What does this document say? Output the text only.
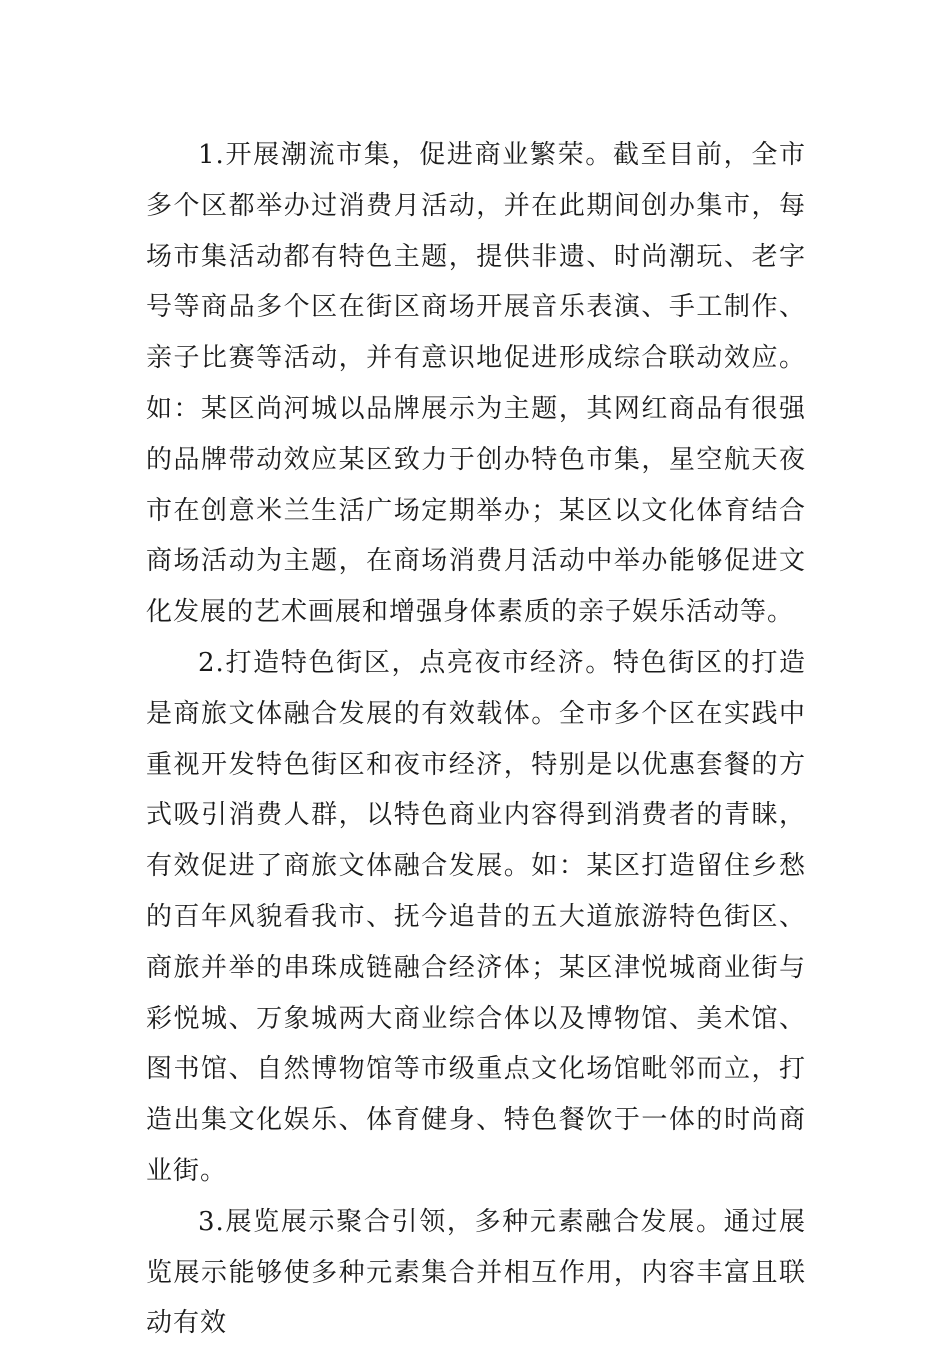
1.开展潮流市集，促进商业繁荣。截至目前，全市多个区都举办过消费月活动，并在此期间创办集市，每场市集活动都有特色主题，提供非遗、时尚潮玩、老字号等商品多个区在街区商场开展音乐表演、手工制作、亲子比赛等活动，并有意识地促进形成综合联动效应。如：某区尚河城以品牌展示为主题，其网红商品有很强的品牌带动效应某区致力于创办特色市集，星空航天夜市在创意米兰生活广场定期举办；某区以文化体育结合商场活动为主题，在商场消费月活动中举办能够促进文化发展的艺术画展和增强身体素质的亲子娱乐活动等。

2.打造特色街区，点亮夜市经济。特色街区的打造是商旅文体融合发展的有效载体。全市多个区在实践中重视开发特色街区和夜市经济，特别是以优惠套餐的方式吸引消费人群，以特色商业内容得到消费者的青睐，有效促进了商旅文体融合发展。如：某区打造留住乡愁的百年风貌看我市、抚今追昔的五大道旅游特色街区、商旅并举的串珠成链融合经济体；某区津悦城商业街与彩悦城、万象城两大商业综合体以及博物馆、美术馆、图书馆、自然博物馆等市级重点文化场馆毗邻而立，打造出集文化娱乐、体育健身、特色餐饮于一体的时尚商业街。

3.展览展示聚合引领，多种元素融合发展。通过展览展示能够使多种元素集合并相互作用，内容丰富且联动有效
